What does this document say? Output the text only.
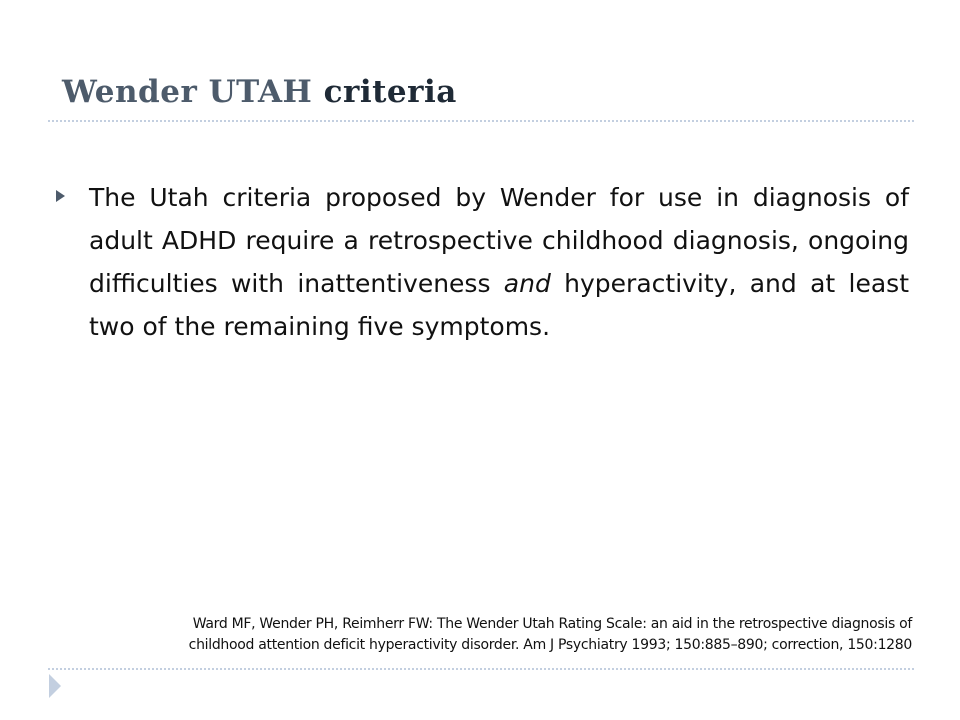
Wender UTAH criteria
The Utah criteria proposed by Wender for use in diagnosis of adult ADHD require a retrospective childhood diagnosis, ongoing difficulties with inattentiveness and hyperactivity, and at least two of the remaining five symptoms.
Ward MF, Wender PH, Reimherr FW: The Wender Utah Rating Scale: an aid in the retrospective diagnosis of
childhood attention deficit hyperactivity disorder. Am J Psychiatry 1993; 150:885–890; correction, 150:1280
